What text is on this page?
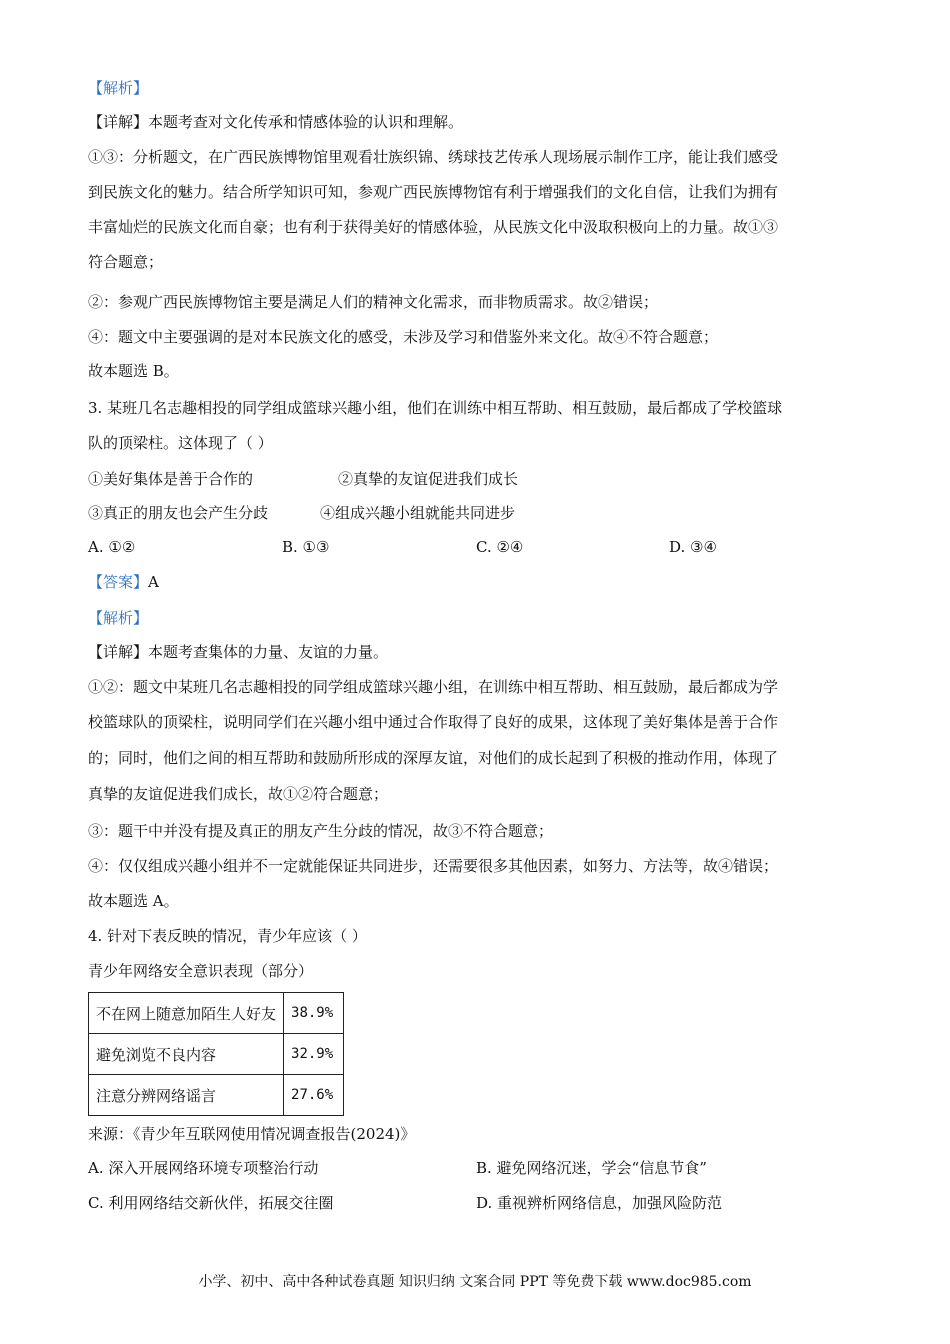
【解析】
【详解】本题考查对文化传承和情感体验的认识和理解。
①③：分析题文，在广西民族博物馆里观看壮族织锦、绣球技艺传承人现场展示制作工序，能让我们感受
到民族文化的魅力。结合所学知识可知，参观广西民族博物馆有利于增强我们的文化自信，让我们为拥有
丰富灿烂的民族文化而自豪；也有利于获得美好的情感体验，从民族文化中汲取积极向上的力量。故①③
符合题意；
②：参观广西民族博物馆主要是满足人们的精神文化需求，而非物质需求。故②错误；
④：题文中主要强调的是对本民族文化的感受，未涉及学习和借鉴外来文化。故④不符合题意；
故本题选 B。
3. 某班几名志趣相投的同学组成篮球兴趣小组，他们在训练中相互帮助、相互鼓励，最后都成了学校篮球
队的顶梁柱。这体现了（ ）
①美好集体是善于合作的	②真挚的友谊促进我们成长
③真正的朋友也会产生分歧	④组成兴趣小组就能共同进步
A. ①②	B. ①③	C. ②④	D. ③④
【答案】A
【解析】
【详解】本题考查集体的力量、友谊的力量。
①②：题文中某班几名志趣相投的同学组成篮球兴趣小组，在训练中相互帮助、相互鼓励，最后都成为学
校篮球队的顶梁柱，说明同学们在兴趣小组中通过合作取得了良好的成果，这体现了美好集体是善于合作
的；同时，他们之间的相互帮助和鼓励所形成的深厚友谊，对他们的成长起到了积极的推动作用，体现了
真挚的友谊促进我们成长，故①②符合题意；
③：题干中并没有提及真正的朋友产生分歧的情况，故③不符合题意；
④：仅仅组成兴趣小组并不一定就能保证共同进步，还需要很多其他因素，如努力、方法等，故④错误；
故本题选 A。
4. 针对下表反映的情况，青少年应该（ ）
青少年网络安全意识表现（部分）
不在网上随意加陌生人好友	38.9%
避免浏览不良内容	32.9%
注意分辨网络谣言	27.6%
来源：《青少年互联网使用情况调查报告(2024)》
A. 深入开展网络环境专项整治行动	B. 避免网络沉迷，学会“信息节食”
C. 利用网络结交新伙伴，拓展交往圈	D. 重视辨析网络信息，加强风险防范
小学、初中、高中各种试卷真题 知识归纳 文案合同 PPT 等免费下载 www.doc985.com
